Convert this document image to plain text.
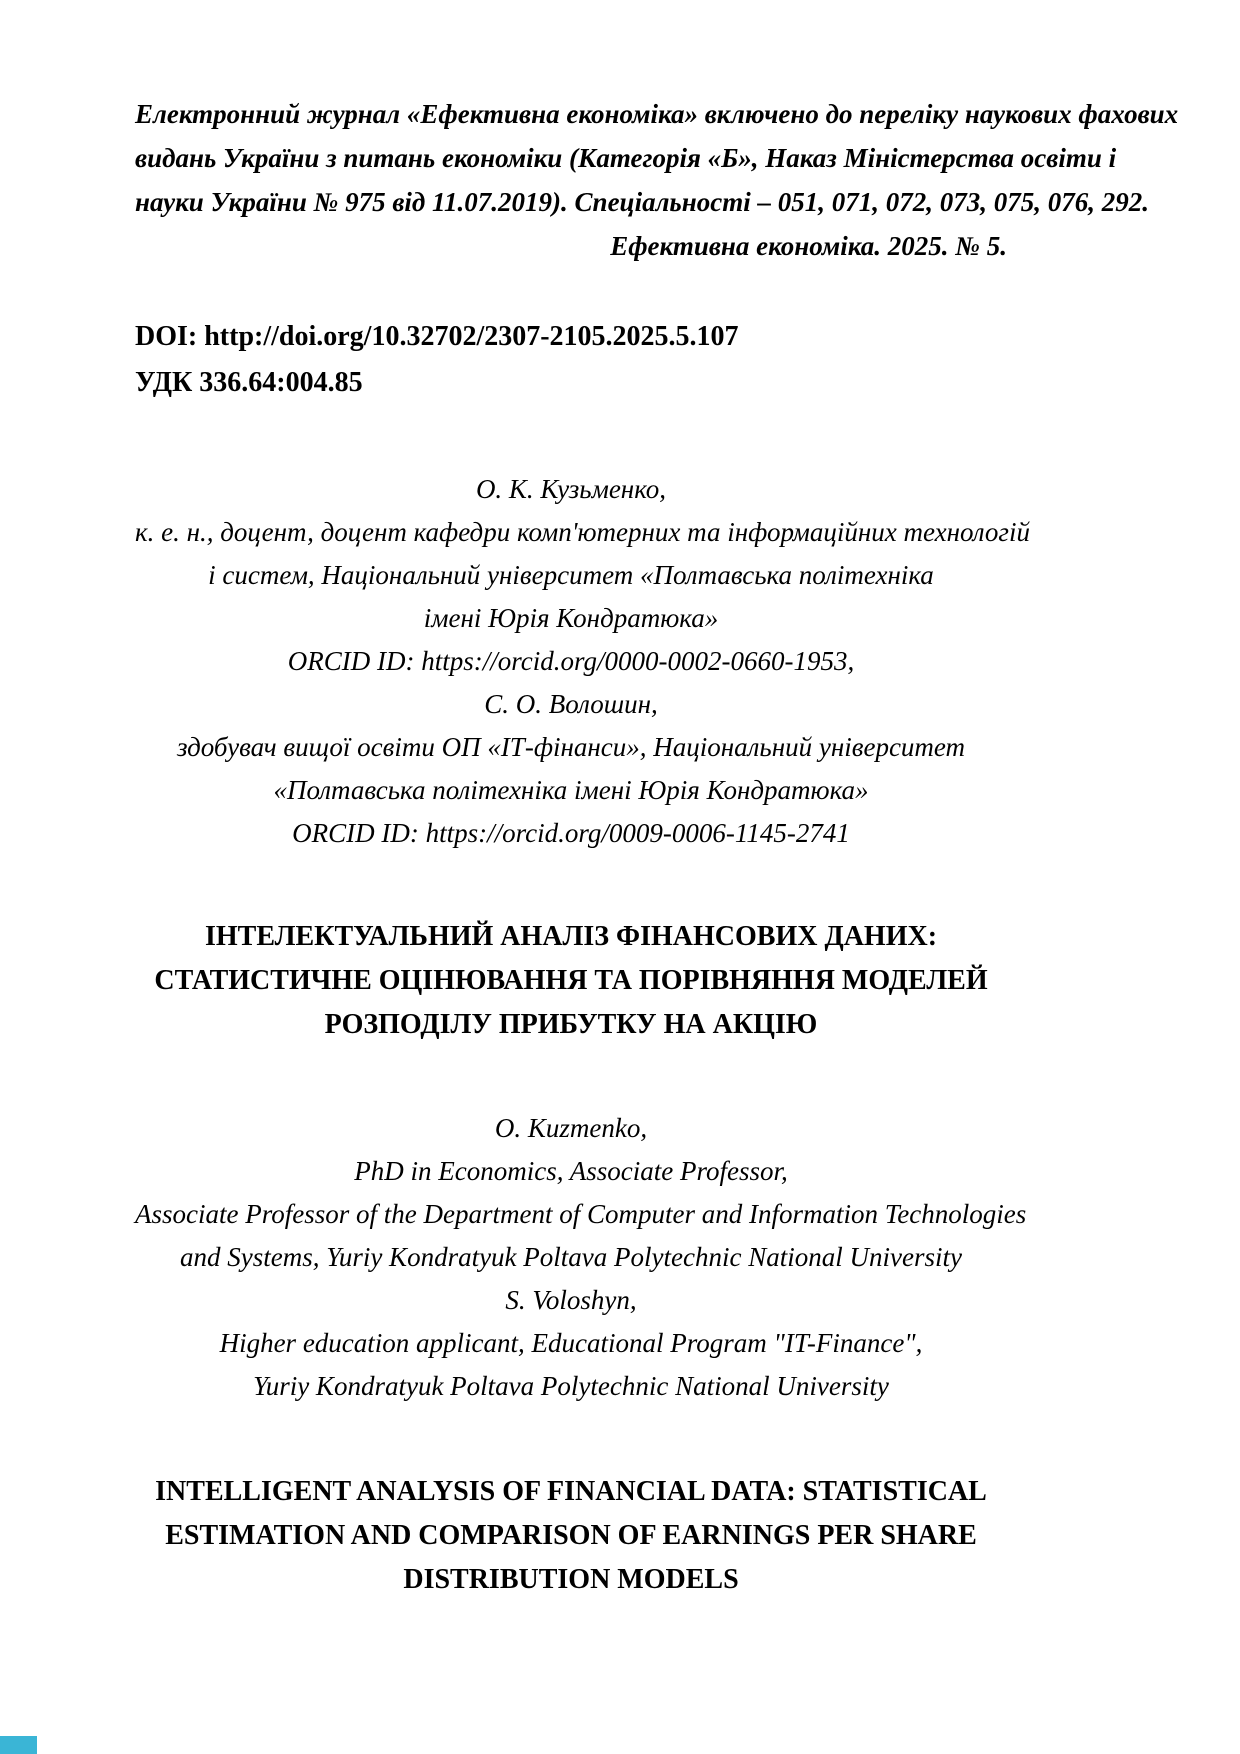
Електронний журнал «Ефективна економіка» включено до переліку наукових фахових
видань України з питань економіки (Категорія «Б», Наказ Міністерства освіти і
науки України № 975 від 11.07.2019). Спеціальності – 051, 071, 072, 073, 075, 076, 292.
Ефективна економіка. 2025. № 5.
DOI: http://doi.org/10.32702/2307-2105.2025.5.107
УДК 336.64:004.85
О. К. Кузьменко,
к. е. н., доцент, доцент кафедри комп'ютерних та інформаційних технологій
і систем, Національний університет «Полтавська політехніка
імені Юрія Кондратюка»
ORCID ID: https://orcid.org/0000-0002-0660-1953,
С. О. Волошин,
здобувач вищої освіти ОП «ІТ-фінанси», Національний університет
«Полтавська політехніка імені Юрія Кондратюка»
ORCID ID: https://orcid.org/0009-0006-1145-2741
ІНТЕЛЕКТУАЛЬНИЙ АНАЛІЗ ФІНАНСОВИХ ДАНИХ:
СТАТИСТИЧНЕ ОЦІНЮВАННЯ ТА ПОРІВНЯННЯ МОДЕЛЕЙ
РОЗПОДІЛУ ПРИБУТКУ НА АКЦІЮ
O. Kuzmenko,
PhD in Economics, Associate Professor,
Associate Professor of the Department of Computer and Information Technologies
and Systems, Yuriy Kondratyuk Poltava Polytechnic National University
S. Voloshyn,
Higher education applicant, Educational Program "IT-Finance",
Yuriy Kondratyuk Poltava Polytechnic National University
INTELLIGENT ANALYSIS OF FINANCIAL DATA: STATISTICAL
ESTIMATION AND COMPARISON OF EARNINGS PER SHARE
DISTRIBUTION MODELS
